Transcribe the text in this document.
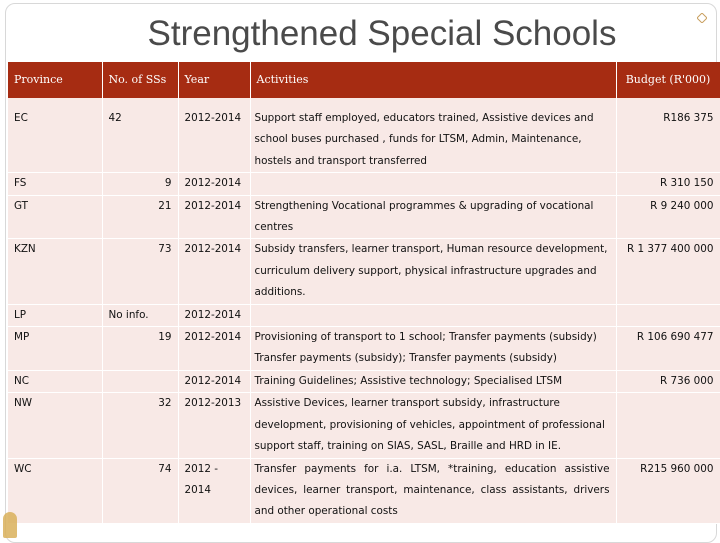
Strengthened Special Schools
Province	No. of SSs	Year	Activities	Budget (R'000)
EC	42	2012-2014	Support staff employed, educators trained, Assistive devices and school buses purchased , funds for LTSM, Admin, Maintenance, hostels and transport transferred	R186 375
FS	9	2012-2014		R 310 150
GT	21	2012-2014	Strengthening Vocational programmes & upgrading of vocational centres	R 9 240 000
KZN	73	2012-2014	Subsidy transfers, learner transport, Human resource development, curriculum delivery support, physical infrastructure upgrades and additions.	R 1 377 400 000
LP	No info.	2012-2014		
MP	19	2012-2014	Provisioning of transport to 1 school; Transfer payments (subsidy) Transfer payments (subsidy); Transfer payments (subsidy)	R 106 690 477
NC		2012-2014	Training Guidelines; Assistive technology; Specialised LTSM	R 736 000
NW	32	2012-2013	Assistive Devices, learner transport subsidy, infrastructure development, provisioning of vehicles, appointment of professional support staff, training on SIAS, SASL, Braille and HRD in IE.	
WC	74	2012 - 2014	Transfer payments for i.a. LTSM, *training, education assistive devices, learner transport, maintenance, class assistants, drivers and other operational costs	R215 960 000
